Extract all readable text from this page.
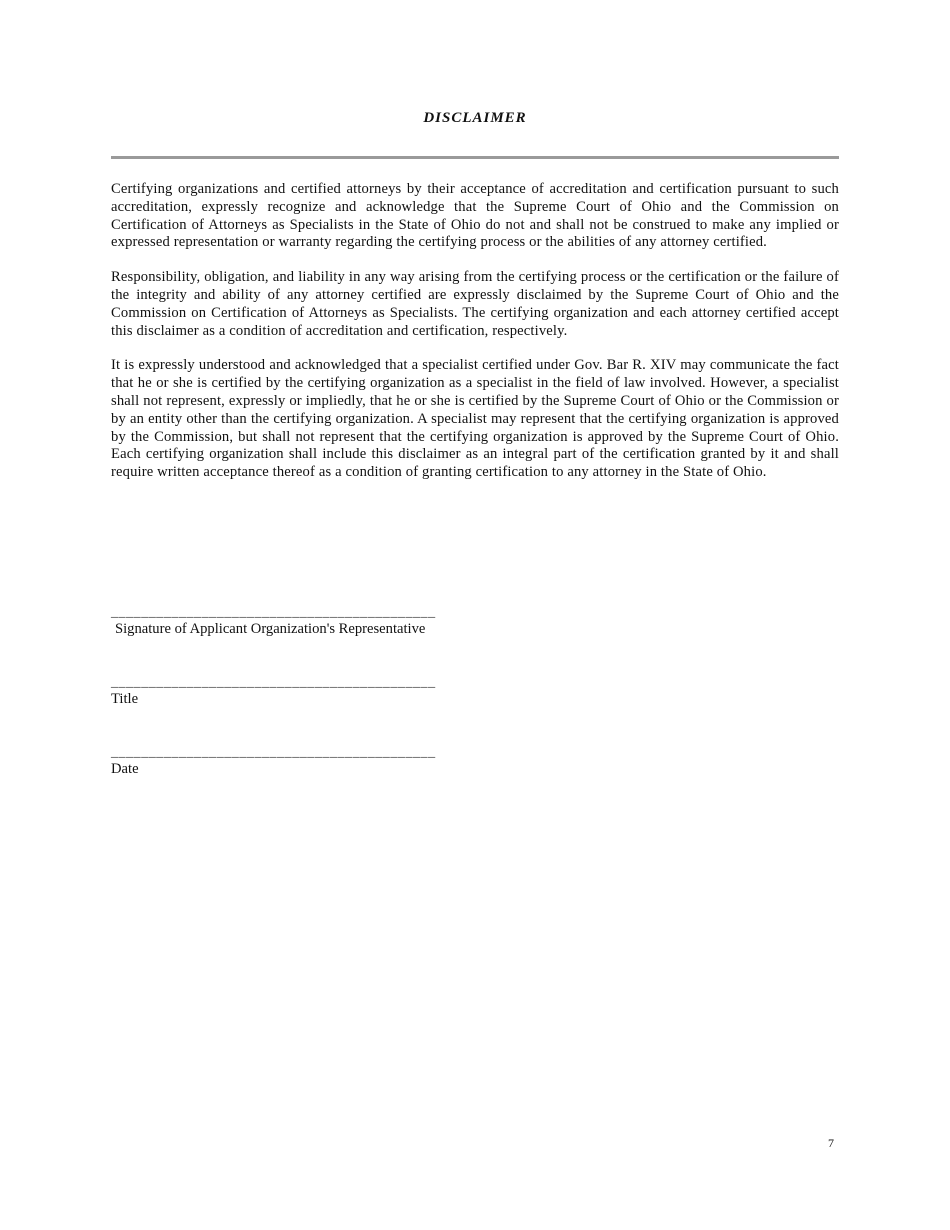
DISCLAIMER

Certifying organizations and certified attorneys by their acceptance of accreditation and certification pursuant to such accreditation, expressly recognize and acknowledge that the Supreme Court of Ohio and the Commission on Certification of Attorneys as Specialists in the State of Ohio do not and shall not be construed to make any implied or expressed representation or warranty regarding the certifying process or the abilities of any attorney certified.

Responsibility, obligation, and liability in any way arising from the certifying process or the certification or the failure of the integrity and ability of any attorney certified are expressly disclaimed by the Supreme Court of Ohio and the Commission on Certification of Attorneys as Specialists. The certifying organization and each attorney certified accept this disclaimer as a condition of accreditation and certification, respectively.

It is expressly understood and acknowledged that a specialist certified under Gov. Bar R. XIV may communicate the fact that he or she is certified by the certifying organization as a specialist in the field of law involved. However, a specialist shall not represent, expressly or impliedly, that he or she is certified by the Supreme Court of Ohio or the Commission or by an entity other than the certifying organization. A specialist may represent that the certifying organization is approved by the Commission, but shall not represent that the certifying organization is approved by the Supreme Court of Ohio. Each certifying organization shall include this disclaimer as an integral part of the certification granted by it and shall require written acceptance thereof as a condition of granting certification to any attorney in the State of Ohio.

___________________________________________
Signature of Applicant Organization's Representative
___________________________________________
Title
___________________________________________
Date
7
